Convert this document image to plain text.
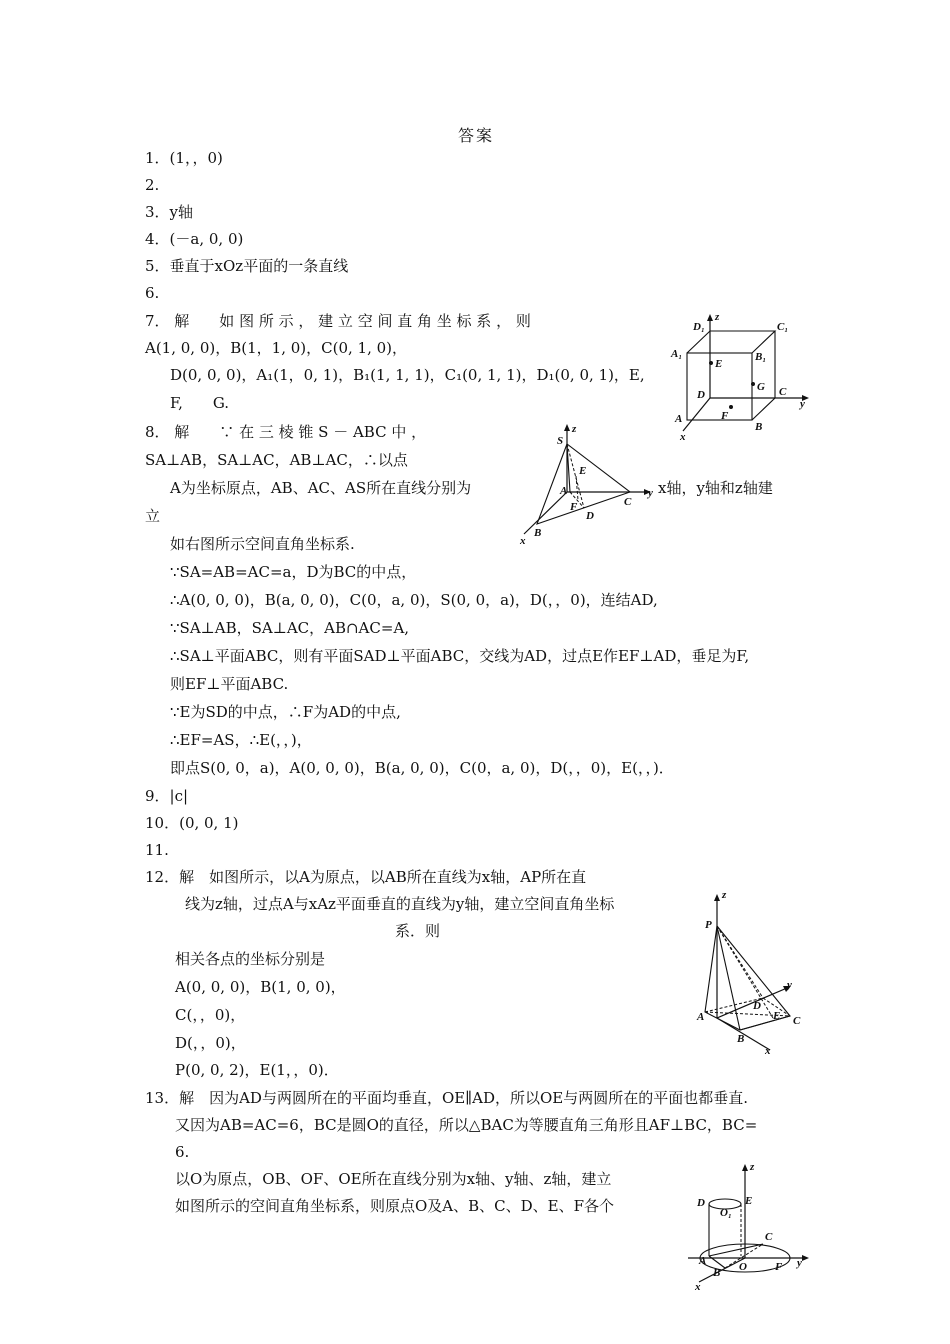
答案
1．(1，，0)
2.
3．y轴
4．(－a, 0, 0)
5．垂直于xOz平面的一条直线
6.
7． 解　　如 图 所 示 ， 建 立 空 间 直 角 坐 标 系 ， 则
A(1, 0, 0)，B(1，1, 0)，C(0, 1, 0)，
D(0, 0, 0)，A₁(1，0, 1)，B₁(1, 1, 1)，C₁(0, 1, 1)，D₁(0, 0, 1)，E,
F,　　G.
8． 解　　∵ 在 三 棱 锥 S － ABC 中 ，
SA⊥AB，SA⊥AC，AB⊥AC，∴以点
A为坐标原点，AB、AC、AS所在直线分别为	x轴，y轴和z轴建
立
如右图所示空间直角坐标系.
∵SA=AB=AC=a，D为BC的中点，
∴A(0, 0, 0)，B(a, 0, 0)，C(0，a, 0)，S(0, 0，a)，D(，，0)，连结AD,
∵SA⊥AB，SA⊥AC，AB∩AC=A,
∴SA⊥平面ABC，则有平面SAD⊥平面ABC，交线为AD，过点E作EF⊥AD，垂足为F,
则EF⊥平面ABC.
∵E为SD的中点，∴F为AD的中点,
∴EF=AS，∴E(，，)，
即点S(0, 0，a)，A(0, 0, 0)，B(a, 0, 0)，C(0，a, 0)，D(，，0)，E(，，)．
9．|c|
10．(0, 0, 1)
11.
12．解　如图所示，以A为原点，以AB所在直线为x轴，AP所在直
线为z轴，过点A与xAz平面垂直的直线为y轴，建立空间直角坐标
系．则
相关各点的坐标分别是
A(0, 0, 0)，B(1, 0, 0)，
C(，，0)，
D(，，0)，
P(0, 0, 2)，E(1，，0)．
13．解　因为AD与两圆所在的平面均垂直，OE∥AD，所以OE与两圆所在的平面也都垂直.
又因为AB=AC=6，BC是圆O的直径，所以△BAC为等腰直角三角形且AF⊥BC，BC=
6.
以O为原点，OB、OF、OE所在直线分别为x轴、y轴、z轴，建立
如图所示的空间直角坐标系，则原点O及A、B、C、D、E、F各个
z
y
x
D₁	C₁
A₁	B₁
E
G C
D
F
A
B
S
z
E
A
F
D
C
y
B
x
z
P
y
D
A	E C
B
x
z
D	E
O₁
C
A
B O	F y
x
